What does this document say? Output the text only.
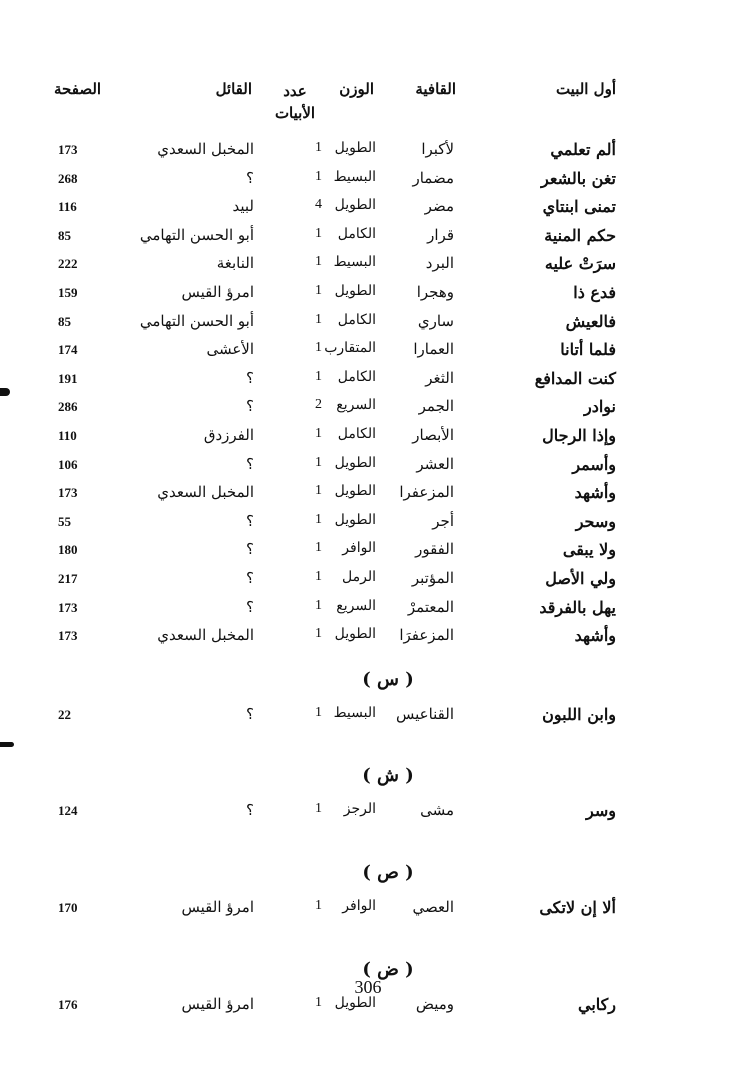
أول البيت
القافية
الوزن
عدد الأبيات
القائل
الصفحة
ألم تعلمي
لأكبرا
الطويل
1
المخبل السعدي
173
تغن بالشعر
مضمار
البسيط
1
؟
268
تمنى ابنتاي
مضر
الطويل
4
لبيد
116
حكم المنية
قرار
الكامل
1
أبو الحسن التهامي
85
سرَتْ عليه
البرد
البسيط
1
النابغة
222
فدع ذا
وهجرا
الطويل
1
امرؤ القيس
159
فالعيش
ساري
الكامل
1
أبو الحسن التهامي
85
فلما أتانا
العمارا
المتقارب
1
الأعشى
174
كنت المدافع
الثغر
الكامل
1
؟
191
نوادر
الجمر
السريع
2
؟
286
وإذا الرجال
الأبصار
الكامل
1
الفرزدق
110
وأسمر
العشر
الطويل
1
؟
106
وأشهد
المزعفرا
الطويل
1
المخبل السعدي
173
وسحر
أجر
الطويل
1
؟
55
ولا يبقى
الفقور
الوافر
1
؟
180
ولي الأصل
المؤتبر
الرمل
1
؟
217
يهل بالفرقد
المعتمرْ
السريع
1
؟
173
وأشهد
المزعفرَا
الطويل
1
المخبل السعدي
173
( س )
وابن اللبون
القناعيس
البسيط
1
؟
22
( ش )
وسر
مشى
الرجز
1
؟
124
( ص )
ألا إن لاتكى
العصي
الوافر
1
امرؤ القيس
170
( ض )
ركابي
وميض
الطويل
1
امرؤ القيس
176
306
